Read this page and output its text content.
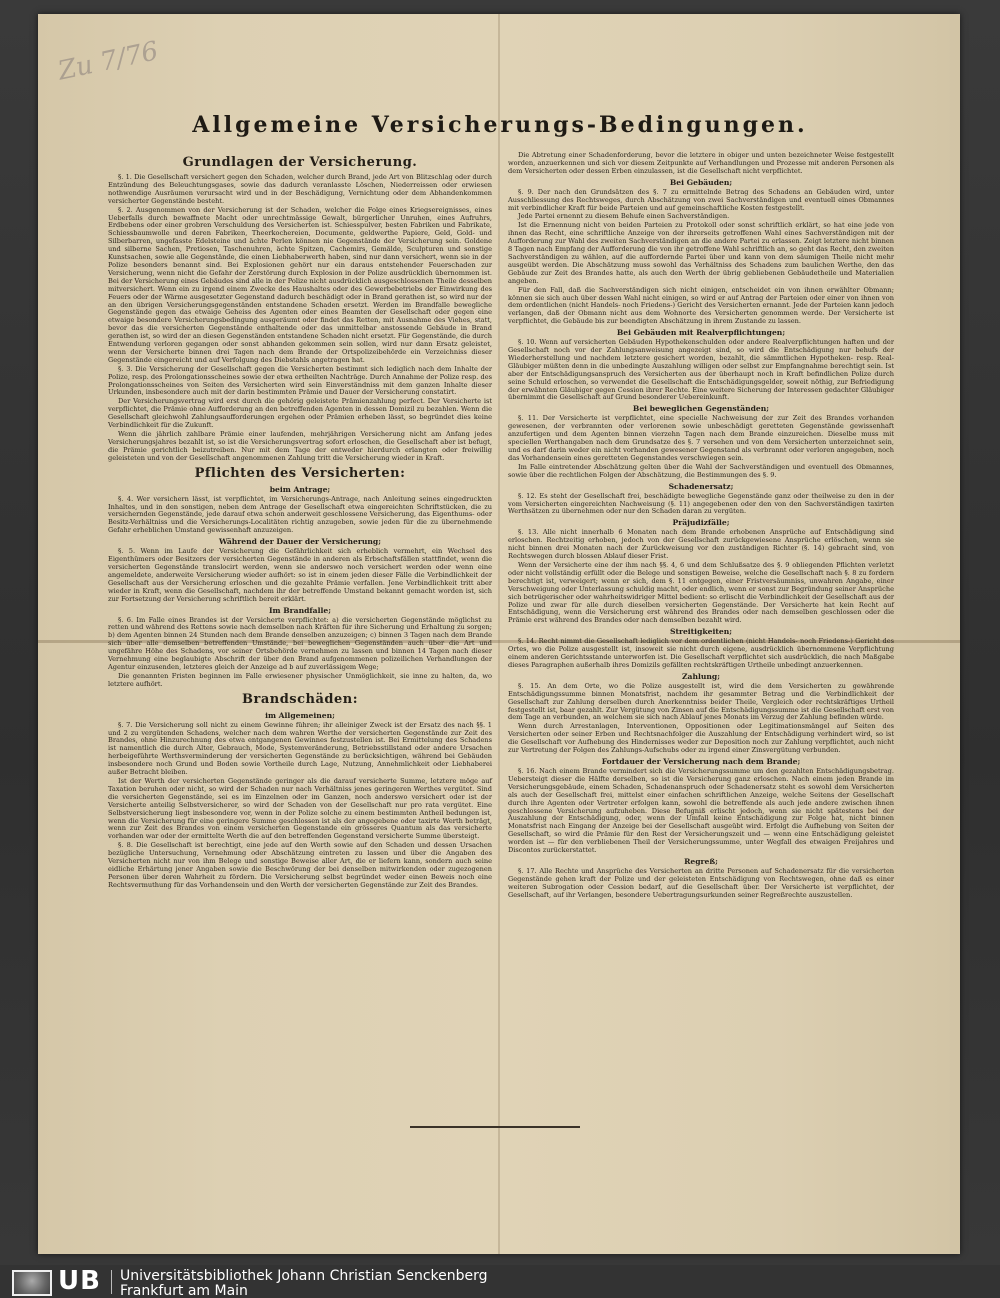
Zu 7/76
Allgemeine Versicherungs-Bedingungen.
Grundlagen der Versicherung.

§. 1. Die Gesellschaft versichert gegen den Schaden, welcher durch Brand, jede Art von Blitzschlag oder durch Entzündung des Beleuchtungsgases, sowie das dadurch veranlasste Löschen, Niederreissen oder erwiesen nothwendige Ausräumen verursacht wird und in der Beschädigung, Vernichtung oder dem Abhandenkommen versicherter Gegenstände besteht.

§. 2. Ausgenommen von der Versicherung ist der Schaden, welcher die Folge eines Kriegsereignisses, eines Ueberfalls durch bewaffnete Macht oder unrechtmässige Gewalt, bürgerlicher Unruhen, eines Aufruhrs, Erdbebens oder einer grobren Verschuldung des Versicherten ist. Schiesspulver, besten Fabriken und Fabrikate, Schiessbaumwolle und deren Fabriken, Theerkochereien, Documente, geldwerthe Papiere, Geld, Gold- und Silberbarren, ungefasste Edelsteine und ächte Perlen können nie Gegenstände der Versicherung sein. Goldene und silberne Sachen, Pretiosen, Taschenuhren, ächte Spitzen, Cachemirs, Gemälde, Sculpturen und sonstige Kunstsachen, sowie alle Gegenstände, die einen Liebhaberwerth haben, sind nur dann versichert, wenn sie in der Polize besonders benannt sind. Bei Explosionen gehört nur ein daraus entstehender Feuerschaden zur Versicherung, wenn nicht die Gefahr der Zerstörung durch Explosion in der Polize ausdrücklich übernommen ist. Bei der Versicherung eines Gebäudes sind alle in der Polize nicht ausdrücklich ausgeschlossenen Theile desselben mitversichert. Wenn ein zu irgend einem Zwecke des Haushaltes oder des Gewerbebetriebs der Einwirkung des Feuers oder der Wärme ausgesetzter Gegenstand dadurch beschädigt oder in Brand gerathen ist, so wird nur der an den übrigen Versicherungsgegenständen entstandene Schaden ersetzt. Werden im Brandfalle bewegliche Gegenstände gegen das etwaige Geheiss des Agenten oder eines Beamten der Gesellschaft oder gegen eine etwaige besondere Versicherungsbedingung ausgeräumt oder findet das Retten, mit Ausnahme des Viehes, statt, bevor das die versicherten Gegenstände enthaltende oder das unmittelbar anstossende Gebäude in Brand gerathen ist, so wird der an diesen Gegenständen entstandene Schaden nicht ersetzt. Für Gegenstände, die durch Entwendung verloren gegangen oder sonst abhanden gekommen sein sollen, wird nur dann Ersatz geleistet, wenn der Versicherte binnen drei Tagen nach dem Brande der Ortspolizeibehörde ein Verzeichniss dieser Gegenstände eingereicht und auf Verfolgung des Diebstahls angetragen hat.

§. 3. Die Versicherung der Gesellschaft gegen die Versicherten bestimmt sich lediglich nach dem Inhalte der Polize, resp. des Prolongationsscheines sowie der etwa ertheilten Nachträge. Durch Annahme der Polize resp. des Prolongationsscheines von Seiten des Versicherten wird sein Einverständniss mit dem ganzen Inhalte dieser Urkunden, insbesondere auch mit der darin bestimmten Prämie und Dauer der Versicherung constatirt.

Der Versicherungsvertrag wird erst durch die gehörig geleistete Prämienzahlung perfect. Der Versicherte ist verpflichtet, die Prämie ohne Aufforderung an den betreffenden Agenten in dessen Domizil zu bezahlen. Wenn die Gesellschaft gleichwohl Zahlungsaufforderungen ergehen oder Prämien erheben lässt, so begründet dies keine Verbindlichkeit für die Zukunft.

Wenn die jährlich zahlbare Prämie einer laufenden, mehrjährigen Versicherung nicht am Anfang jedes Versicherungsjahres bezahlt ist, so ist die Versicherungsvertrag sofort erloschen, die Gesellschaft aber ist befugt, die Prämie gerichtlich beizutreiben. Nur mit dem Tage der entweder hierdurch erlangten oder freiwillig geleisteten und von der Gesellschaft angenommenen Zahlung tritt die Versicherung wieder in Kraft.

Pflichten des Versicherten:
beim Antrage;

§. 4. Wer versichern lässt, ist verpflichtet, im Versicherungs-Antrage, nach Anleitung seines eingedruckten Inhaltes, und in den sonstigen, neben dem Antrage der Gesellschaft etwa eingereichten Schriftstücken, die zu versichernden Gegenstände, jede darauf etwa schon anderweit geschlossene Versicherung, das Eigenthums- oder Besitz-Verhältniss und die Versicherungs-Localitäten richtig anzugeben, sowie jeden für die zu übernehmende Gefahr erheblichen Umstand gewissenhaft anzuzeigen.

Während der Dauer der Versicherung;

§. 5. Wenn im Laufe der Versicherung die Gefährlichkeit sich erheblich vermehrt, ein Wechsel des Eigenthümers oder Besitzers der versicherten Gegenstände in anderen als Erbschaftsfällen stattfindet, wenn die versicherten Gegenstände translocirt werden, wenn sie anderswo noch versichert werden oder wenn eine angemeldete, anderweite Versicherung wieder aufhört: so ist in einem jeden dieser Fälle die Verbindlichkeit der Gesellschaft aus der Versicherung erloschen und die gezahlte Prämie verfallen. Jene Verbindlichkeit tritt aber wieder in Kraft, wenn die Gesellschaft, nachdem ihr der betreffende Umstand bekannt gemacht worden ist, sich zur Fortsetzung der Versicherung schriftlich bereit erklärt.

Im Brandfalle;

§. 6. Im Falle eines Brandes ist der Versicherte verpflichtet: a) die versicherten Gegenstände möglichst zu retten und während des Rettens sowie nach demselben nach Kräften für ihre Sicherung und Erhaltung zu sorgen; b) dem Agenten binnen 24 Stunden nach dem Brande denselben anzuzeigen; c) binnen 3 Tagen nach dem Brande sich über alle demselben betreffenden Umstände, bei beweglichen Gegenständen auch über die Art und ungefähre Höhe des Schadens, vor seiner Ortsbehörde vernehmen zu lassen und binnen 14 Tagen nach dieser Vernehmung eine beglaubigte Abschrift der über den Brand aufgenommenen polizeilichen Verhandlungen der Agentur einzusenden, letzteres gleich der Anzeige ad b auf zuverlässigem Wege;

Die genannten Fristen beginnen im Falle erwiesener physischer Unmöglichkeit, sie inne zu halten, da, wo letztere aufhört.

Brandschäden:
im Allgemeinen;

§. 7. Die Versicherung soll nicht zu einem Gewinne führen; ihr alleiniger Zweck ist der Ersatz des nach §§. 1 und 2 zu vergütenden Schadens, welcher nach dem wahren Werthe der versicherten Gegenstände zur Zeit des Brandes, ohne Hinzurechnung des etwa entgangenen Gewinnes festzustellen ist. Bei Ermittelung des Schadens ist namentlich die durch Alter, Gebrauch, Mode, Systemveränderung, Betriebsstillstand oder andere Ursachen herbeigeführte Werthsverminderung der versicherten Gegenstände zu berücksichtigen, während bei Gebäuden insbesondere noch Grund und Boden sowie Vortheile durch Lage, Nutzung, Annehmlichkeit oder Liebhaberei außer Betracht bleiben.

Ist der Werth der versicherten Gegenstände geringer als die darauf versicherte Summe, letztere möge auf Taxation beruhen oder nicht, so wird der Schaden nur nach Verhältniss jenes geringeren Werthes vergütet. Sind die versicherten Gegenstände, sei es im Einzelnen oder im Ganzen, noch anderswo versichert oder ist der Versicherte anteilig Selbstversicherer, so wird der Schaden von der Gesellschaft nur pro rata vergütet. Eine Selbstversicherung liegt insbesondere vor, wenn in der Polize solche zu einem bestimmten Antheil bedungen ist, wenn die Versicherung für eine geringere Summe geschlossen ist als der angegebene oder taxirte Werth beträgt, wenn zur Zeit des Brandes von einem versicherten Gegenstande ein grösseres Quantum als das versicherte vorhanden war oder der ermittelte Werth die auf den betreffenden Gegenstand versicherte Summe übersteigt.

§. 8. Die Gesellschaft ist berechtigt, eine jede auf den Werth sowie auf den Schaden und dessen Ursachen bezügliche Untersuchung, Vernehmung oder Abschätzung eintreten zu lassen und über die Angaben des Versicherten nicht nur von ihm Belege und sonstige Beweise aller Art, die er liefern kann, sondern auch seine eidliche Erhärtung jener Angaben sowie die Beschwörung der bei denselben mitwirkenden oder zugezogenen Personen über deren Wahrheit zu fördern. Die Versicherung selbst begründet weder einen Beweis noch eine Rechtsvermuthung für das Vorhandensein und den Werth der versicherten Gegenstände zur Zeit des Brandes.

Die Abtretung einer Schadenforderung, bevor die letztere in obiger und unten bezeichneter Weise festgestellt worden, anzuerkennen und sich vor diesem Zeitpunkte auf Verhandlungen und Prozesse mit anderen Personen als dem Versicherten oder dessen Erben einzulassen, ist die Gesellschaft nicht verpflichtet.

Bei Gebäuden;

§. 9. Der nach den Grundsätzen des §. 7 zu ermittelnde Betrag des Schadens an Gebäuden wird, unter Ausschliessung des Rechtsweges, durch Abschätzung von zwei Sachverständigen und eventuell eines Obmannes mit verbindlicher Kraft für beide Parteien und auf gemeinschaftliche Kosten festgestellt.

Jede Partei ernennt zu diesem Behufe einen Sachverständigen.

Ist die Ernennung nicht von beiden Parteien zu Protokoll oder sonst schriftlich erklärt, so hat eine jede von ihnen das Recht, eine schriftliche Anzeige von der ihrerseits getroffenen Wahl eines Sachverständigen mit der Aufforderung zur Wahl des zweiten Sachverständigen an die andere Partei zu erlassen. Zeigt letztere nicht binnen 8 Tagen nach Empfang der Aufforderung die von ihr getroffene Wahl schriftlich an, so geht das Recht, den zweiten Sachverständigen zu wählen, auf die auffordernde Partei über und kann von dem säumigen Theile nicht mehr ausgeübt werden. Die Abschätzung muss sowohl das Verhältniss des Schadens zum baulichen Werthe, den das Gebäude zur Zeit des Brandes hatte, als auch den Werth der übrig gebliebenen Gebäudetheile und Materialien angeben.

Für den Fall, daß die Sachverständigen sich nicht einigen, entscheidet ein von ihnen erwählter Obmann; können sie sich auch über dessen Wahl nicht einigen, so wird er auf Antrag der Parteien oder einer von ihnen von dem ordentlichen (nicht Handels- noch Friedens-) Gericht des Versicherten ernannt. Jede der Parteien kann jedoch verlangen, daß der Obmann nicht aus dem Wohnorte des Versicherten genommen werde. Der Versicherte ist verpflichtet, die Gebäude bis zur beendigten Abschätzung in ihrem Zustande zu lassen.

Bei Gebäuden mit Realverpflichtungen;

§. 10. Wenn auf versicherten Gebäuden Hypothekenschulden oder andere Realverpflichtungen haften und der Gesellschaft noch vor der Zahlungsanweisung angezeigt sind, so wird die Entschädigung nur behufs der Wiederherstellung und nachdem letztere gesichert worden, bezahlt, die sämmtlichen Hypotheken- resp. Real-Gläubiger müßten denn in die unbedingte Auszahlung willigen oder selbst zur Empfangnahme berechtigt sein. Ist aber der Entschädigungsanspruch des Versicherten aus der überhaupt noch in Kraft befindlichen Polize durch seine Schuld erloschen, so verwendet die Gesellschaft die Entschädigungsgelder, soweit nöthig, zur Befriedigung der erwähnten Gläubiger gegen Cession ihrer Rechte. Eine weitere Sicherung der Interessen gedachter Gläubiger übernimmt die Gesellschaft auf Grund besonderer Uebereinkunft.

Bei beweglichen Gegenständen;

§. 11. Der Versicherte ist verpflichtet, eine specielle Nachweisung der zur Zeit des Brandes vorhanden gewesenen, der verbrannten oder verlorenen sowie unbeschädigt geretteten Gegenstände gewissenhaft anzufertigen und dem Agenten binnen vierzehn Tagen nach dem Brande einzureichen. Dieselbe muss mit speciellen Werthangaben nach dem Grundsatze des §. 7 versehen und von dem Versicherten unterzeichnet sein, und es darf darin weder ein nicht vorhanden gewesener Gegenstand als verbrannt oder verloren angegeben, noch das Vorhandensein eines geretteten Gegenstandes verschwiegen sein.

Im Falle eintretender Abschätzung gelten über die Wahl der Sachverständigen und eventuell des Obmannes, sowie über die rechtlichen Folgen der Abschätzung, die Bestimmungen des §. 9.

Schadenersatz;

§. 12. Es steht der Gesellschaft frei, beschädigte bewegliche Gegenstände ganz oder theilweise zu den in der vom Versicherten eingereichten Nachweisung (§. 11) angegebenen oder den von den Sachverständigen taxirten Werthsätzen zu übernehmen oder nur den Schaden daran zu vergüten.

Präjudizfälle;

§. 13. Alle nicht innerhalb 6 Monaten nach dem Brande erhobenen Ansprüche auf Entschädigung sind erloschen. Rechtzeitig erhoben, jedoch von der Gesellschaft zurückgewiesene Ansprüche erlöschen, wenn sie nicht binnen drei Monaten nach der Zurückweisung vor den zuständigen Richter (§. 14) gebracht sind, von Rechtswegen durch blossen Ablauf dieser Frist.

Wenn der Versicherte eine der ihm nach §§. 4, 6 und dem Schlußsatze des §. 9 obliegenden Pflichten verletzt oder nicht vollständig erfüllt oder die Belege und sonstigen Beweise, welche die Gesellschaft nach §. 8 zu fordern berechtigt ist, verweigert; wenn er sich, dem §. 11 entgegen, einer Fristversäumniss, unwahren Angabe, einer Verschweigung oder Unterlassung schuldig macht, oder endlich, wenn er sonst zur Begründung seiner Ansprüche sich betrügerischer oder wahrheitswidriger Mittel bedient: so erlischt die Verbindlichkeit der Gesellschaft aus der Polize und zwar für alle durch dieselben versicherten Gegenstände. Der Versicherte hat kein Recht auf Entschädigung, wenn die Versicherung erst während des Brandes oder nach demselben geschlossen oder die Prämie erst während des Brandes oder nach demselben bezahlt wird.

Streitigkeiten;

§. 14. Recht nimmt die Gesellschaft lediglich vor dem ordentlichen (nicht Handels- noch Friedens-) Gericht des Ortes, wo die Polize ausgestellt ist, insoweit sie nicht durch eigene, ausdrücklich übernommene Verpflichtung einem anderen Gerichtsstande unterworfen ist. Die Gesellschaft verpflichtet sich ausdrücklich, die nach Maßgabe dieses Paragraphen außerhalb ihres Domizils gefällten rechtskräftigen Urtheile unbedingt anzuerkennen.

Zahlung;

§. 15. An dem Orte, wo die Polize ausgestellt ist, wird die dem Versicherten zu gewährende Entschädigungssumme binnen Monatsfrist, nachdem ihr gesammter Betrag und die Verbindlichkeit der Gesellschaft zur Zahlung derselben durch Anerkenntniss beider Theile, Vergleich oder rechtskräftiges Urtheil festgestellt ist, baar gezahlt. Zur Vergütung von Zinsen auf die Entschädigungssumme ist die Gesellschaft erst von dem Tage an verbunden, an welchem sie sich nach Ablauf jenes Monats im Verzug der Zahlung befinden würde.

Wenn durch Arrestanlagen, Interventionen, Oppositionen oder Legitimationsmängel auf Seiten des Versicherten oder seiner Erben und Rechtsnachfolger die Auszahlung der Entschädigung verhindert wird, so ist die Gesellschaft vor Aufhebung des Hindernisses weder zur Deposition noch zur Zahlung verpflichtet, auch nicht zur Vertretung der Folgen des Zahlungs-Aufschubs oder zu irgend einer Zinsvergütung verbunden.

Fortdauer der Versicherung nach dem Brande;

§. 16. Nach einem Brande vermindert sich die Versicherungssumme um den gezahlten Entschädigungsbetrag. Uebersteigt dieser die Hälfte derselben, so ist die Versicherung ganz erloschen. Nach einem jeden Brande im Versicherungsgebäude, einem Schaden, Schadenanspruch oder Schadenersatz steht es sowohl dem Versicherten als auch der Gesellschaft frei, mittelst einer einfachen schriftlichen Anzeige, welche Seitens der Gesellschaft durch ihre Agenten oder Vertreter erfolgen kann, sowohl die betreffende als auch jede andere zwischen ihnen geschlossene Versicherung aufzuheben. Diese Befugniß erlischt jedoch, wenn sie nicht spätestens bei der Auszahlung der Entschädigung, oder, wenn der Umfall keine Entschädigung zur Folge hat, nicht binnen Monatsfrist nach Eingang der Anzeige bei der Gesellschaft ausgeübt wird. Erfolgt die Aufhebung von Seiten der Gesellschaft, so wird die Prämie für den Rest der Versicherungszeit und — wenn eine Entschädigung geleistet worden ist — für den verbliebenen Theil der Versicherungssumme, unter Wegfall des etwaigen Freijahres und Discontos zurückerstattet.

Regreß;

§. 17. Alle Rechte und Ansprüche des Versicherten an dritte Personen auf Schadenersatz für die versicherten Gegenstände gehen kraft der Polize und der geleisteten Entschädigung von Rechtswegen, ohne daß es einer weiteren Subrogation oder Cession bedarf, auf die Gesellschaft über. Der Versicherte ist verpflichtet, der Gesellschaft, auf ihr Verlangen, besondere Uebertragungsurkunden seiner Regreßrechte auszustellen.

UB Universitätsbibliothek Johann Christian Senckenberg
Frankfurt am Main
